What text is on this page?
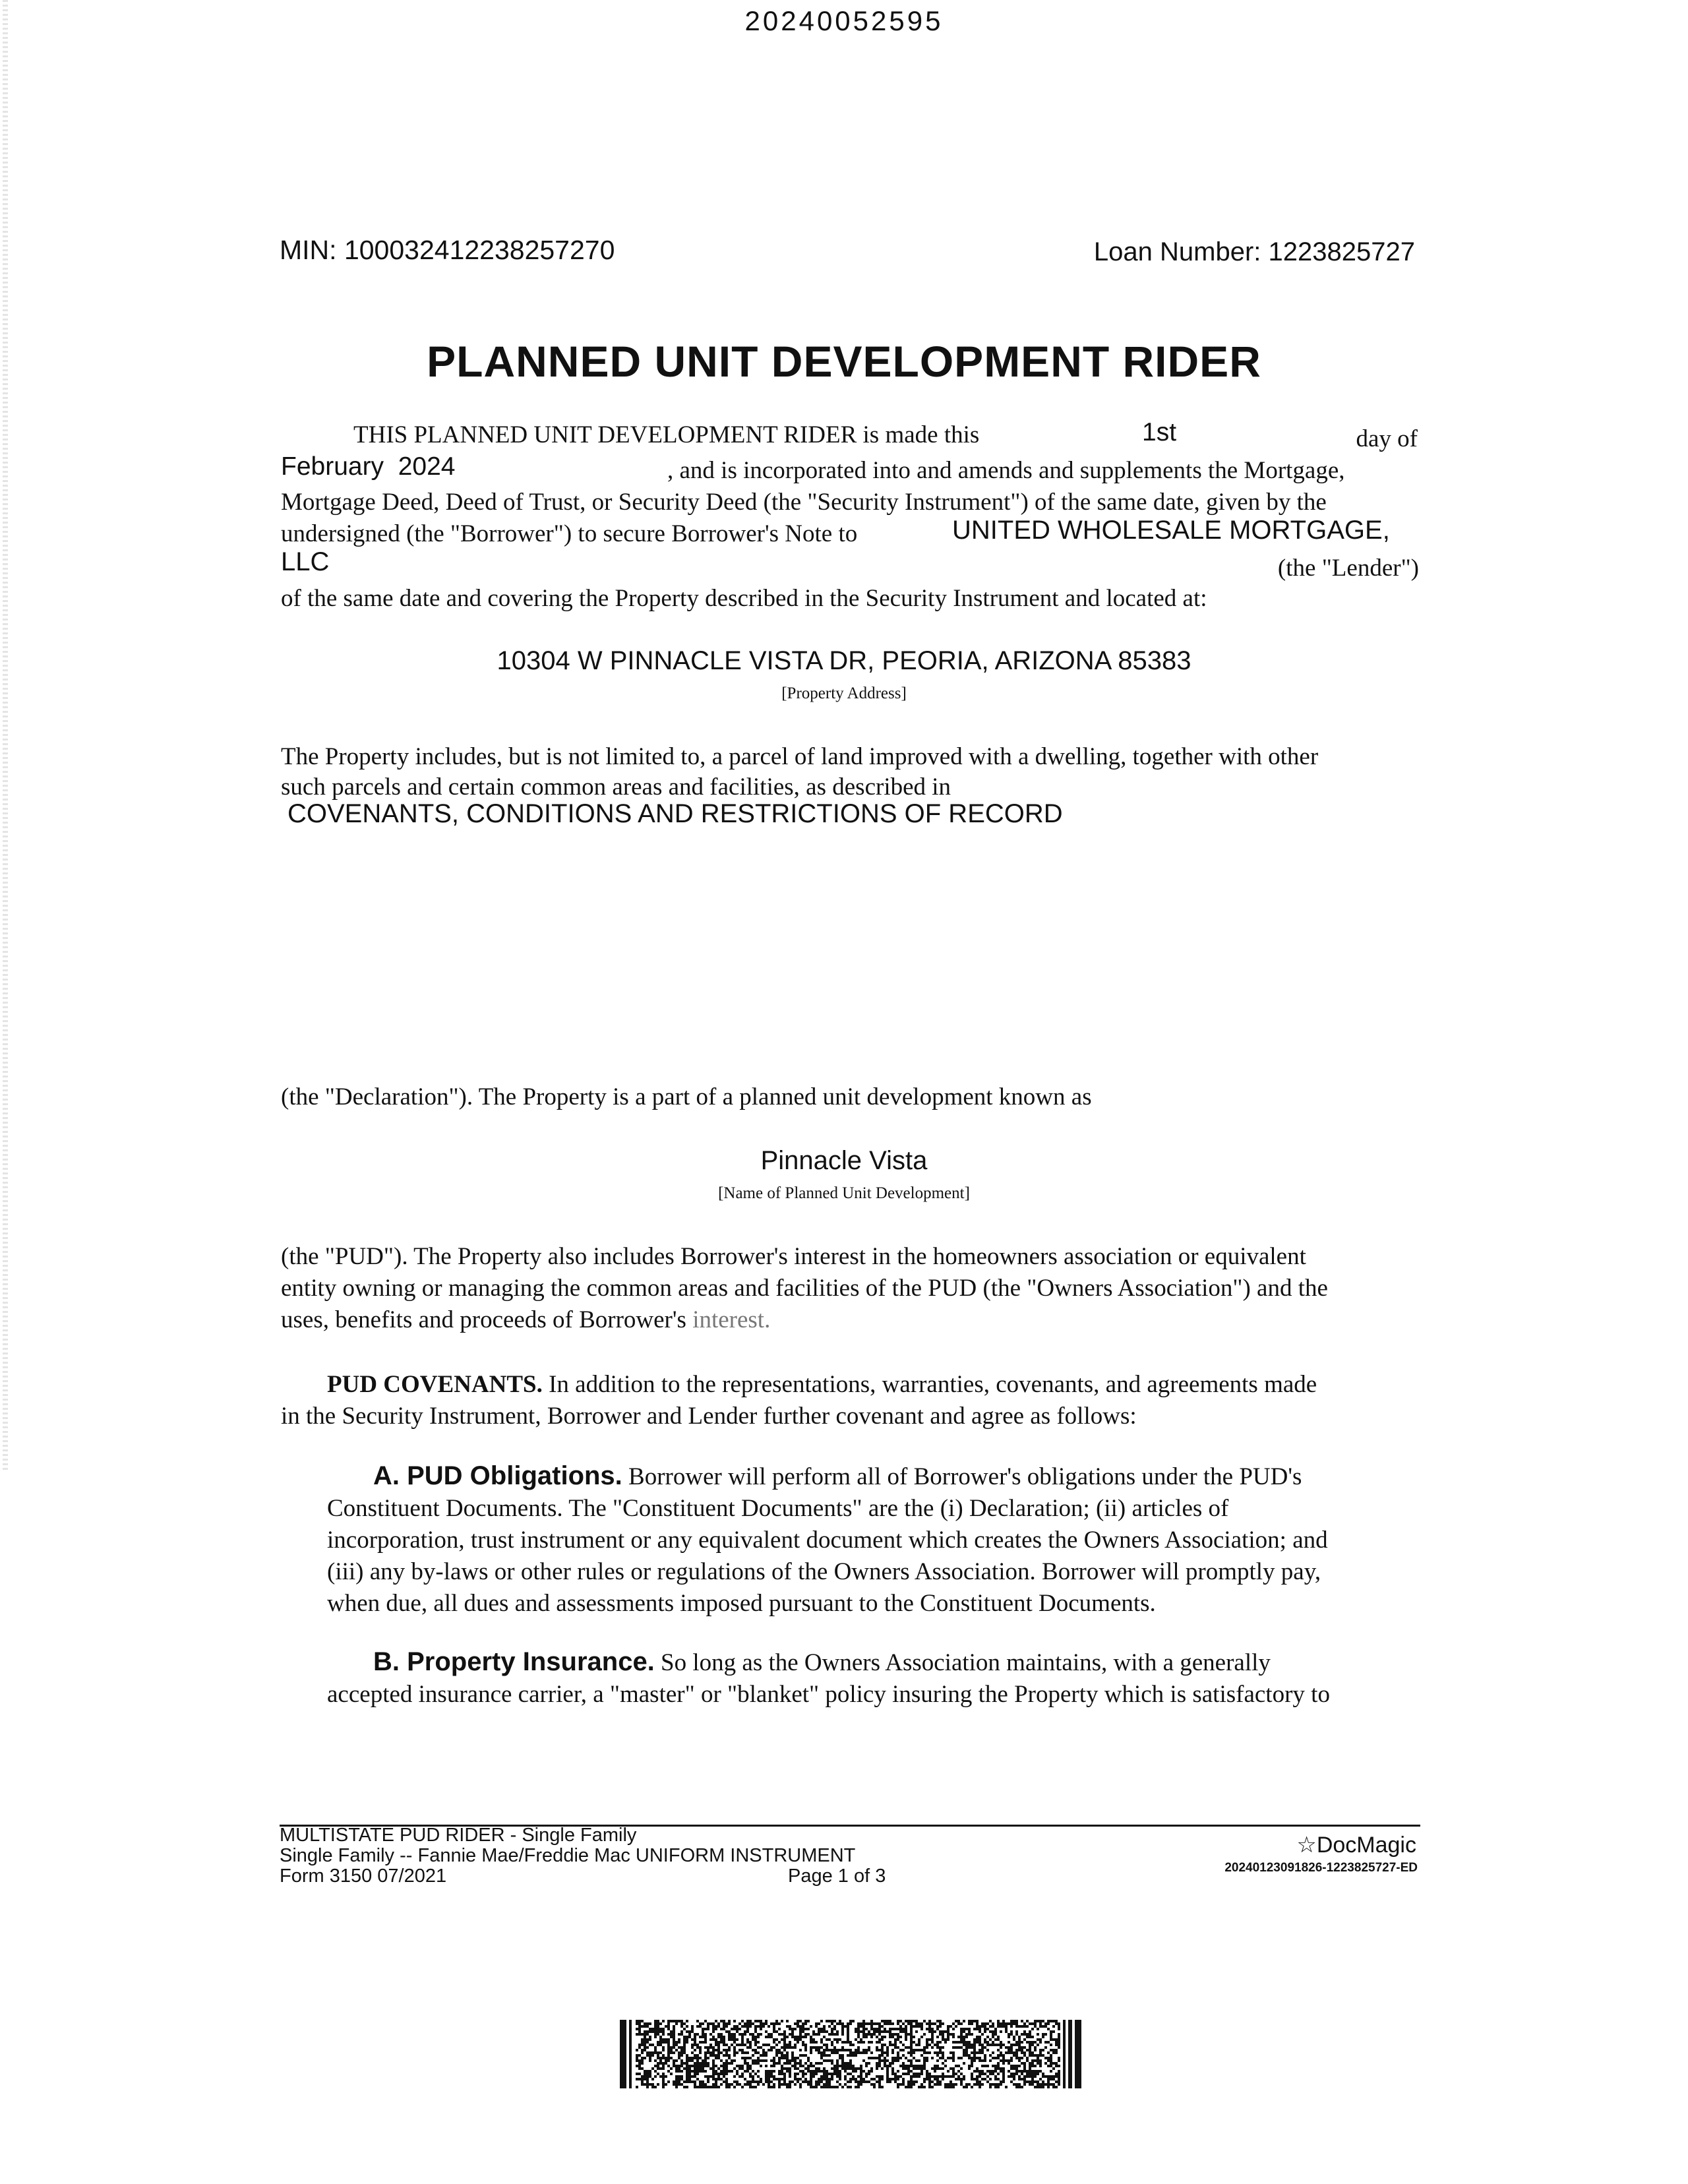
20240052595
MIN: 100032412238257270	Loan Number: 1223825727
PLANNED UNIT DEVELOPMENT RIDER
THIS PLANNED UNIT DEVELOPMENT RIDER is made this	1st	day of
February  2024	, and is incorporated into and amends and supplements the Mortgage,
Mortgage Deed, Deed of Trust, or Security Deed (the "Security Instrument") of the same date, given by the
undersigned (the "Borrower") to secure Borrower's Note to	UNITED WHOLESALE MORTGAGE,
LLC	(the "Lender")
of the same date and covering the Property described in the Security Instrument and located at:
10304 W PINNACLE VISTA DR, PEORIA, ARIZONA 85383
[Property Address]
The Property includes, but is not limited to, a parcel of land improved with a dwelling, together with other
such parcels and certain common areas and facilities, as described in
COVENANTS, CONDITIONS AND RESTRICTIONS OF RECORD
(the "Declaration"). The Property is a part of a planned unit development known as
Pinnacle Vista
[Name of Planned Unit Development]
(the "PUD"). The Property also includes Borrower's interest in the homeowners association or equivalent
entity owning or managing the common areas and facilities of the PUD (the "Owners Association") and the
uses, benefits and proceeds of Borrower's interest.
PUD COVENANTS. In addition to the representations, warranties, covenants, and agreements made
in the Security Instrument, Borrower and Lender further covenant and agree as follows:
A. PUD Obligations. Borrower will perform all of Borrower's obligations under the PUD's
Constituent Documents. The "Constituent Documents" are the (i) Declaration; (ii) articles of
incorporation, trust instrument or any equivalent document which creates the Owners Association; and
(iii) any by-laws or other rules or regulations of the Owners Association. Borrower will promptly pay,
when due, all dues and assessments imposed pursuant to the Constituent Documents.
B. Property Insurance. So long as the Owners Association maintains, with a generally
accepted insurance carrier, a "master" or "blanket" policy insuring the Property which is satisfactory to
MULTISTATE PUD RIDER - Single Family
Single Family -- Fannie Mae/Freddie Mac UNIFORM INSTRUMENT
Form 3150 07/2021	Page 1 of 3
☆DocMagic
20240123091826-1223825727-ED
